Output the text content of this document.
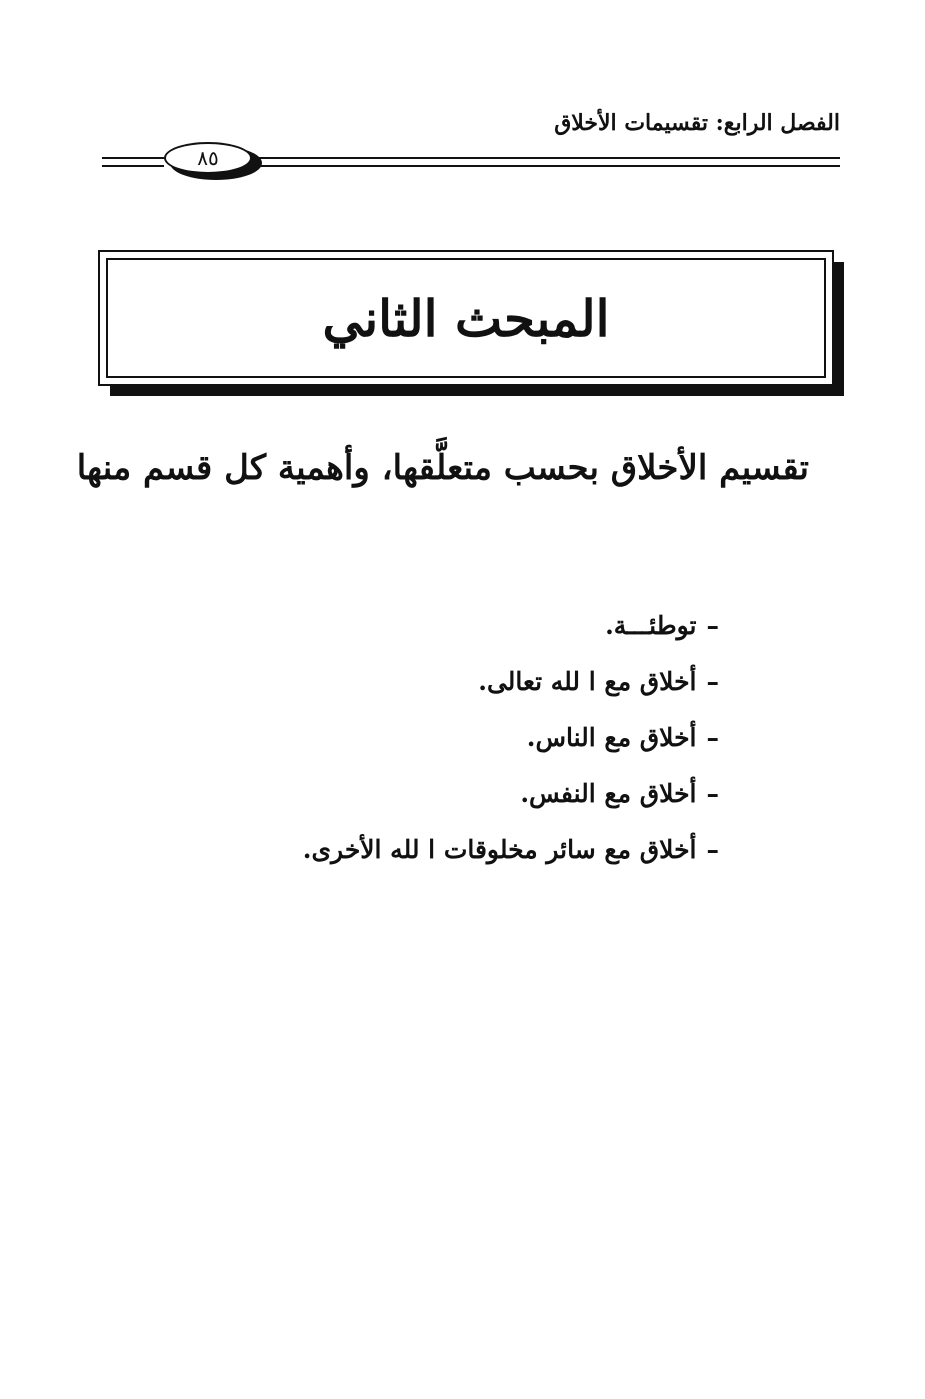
الفصل الرابع: تقسيمات الأخلاق
٨٥
المبحث الثاني
تقسيم الأخلاق بحسب متعلَّقها، وأهمية كل قسم منها
–توطئـــة.
–أخلاق مع ا لله تعالى.
–أخلاق مع الناس.
–أخلاق مع النفس.
–أخلاق مع سائر مخلوقات ا لله الأخرى.
